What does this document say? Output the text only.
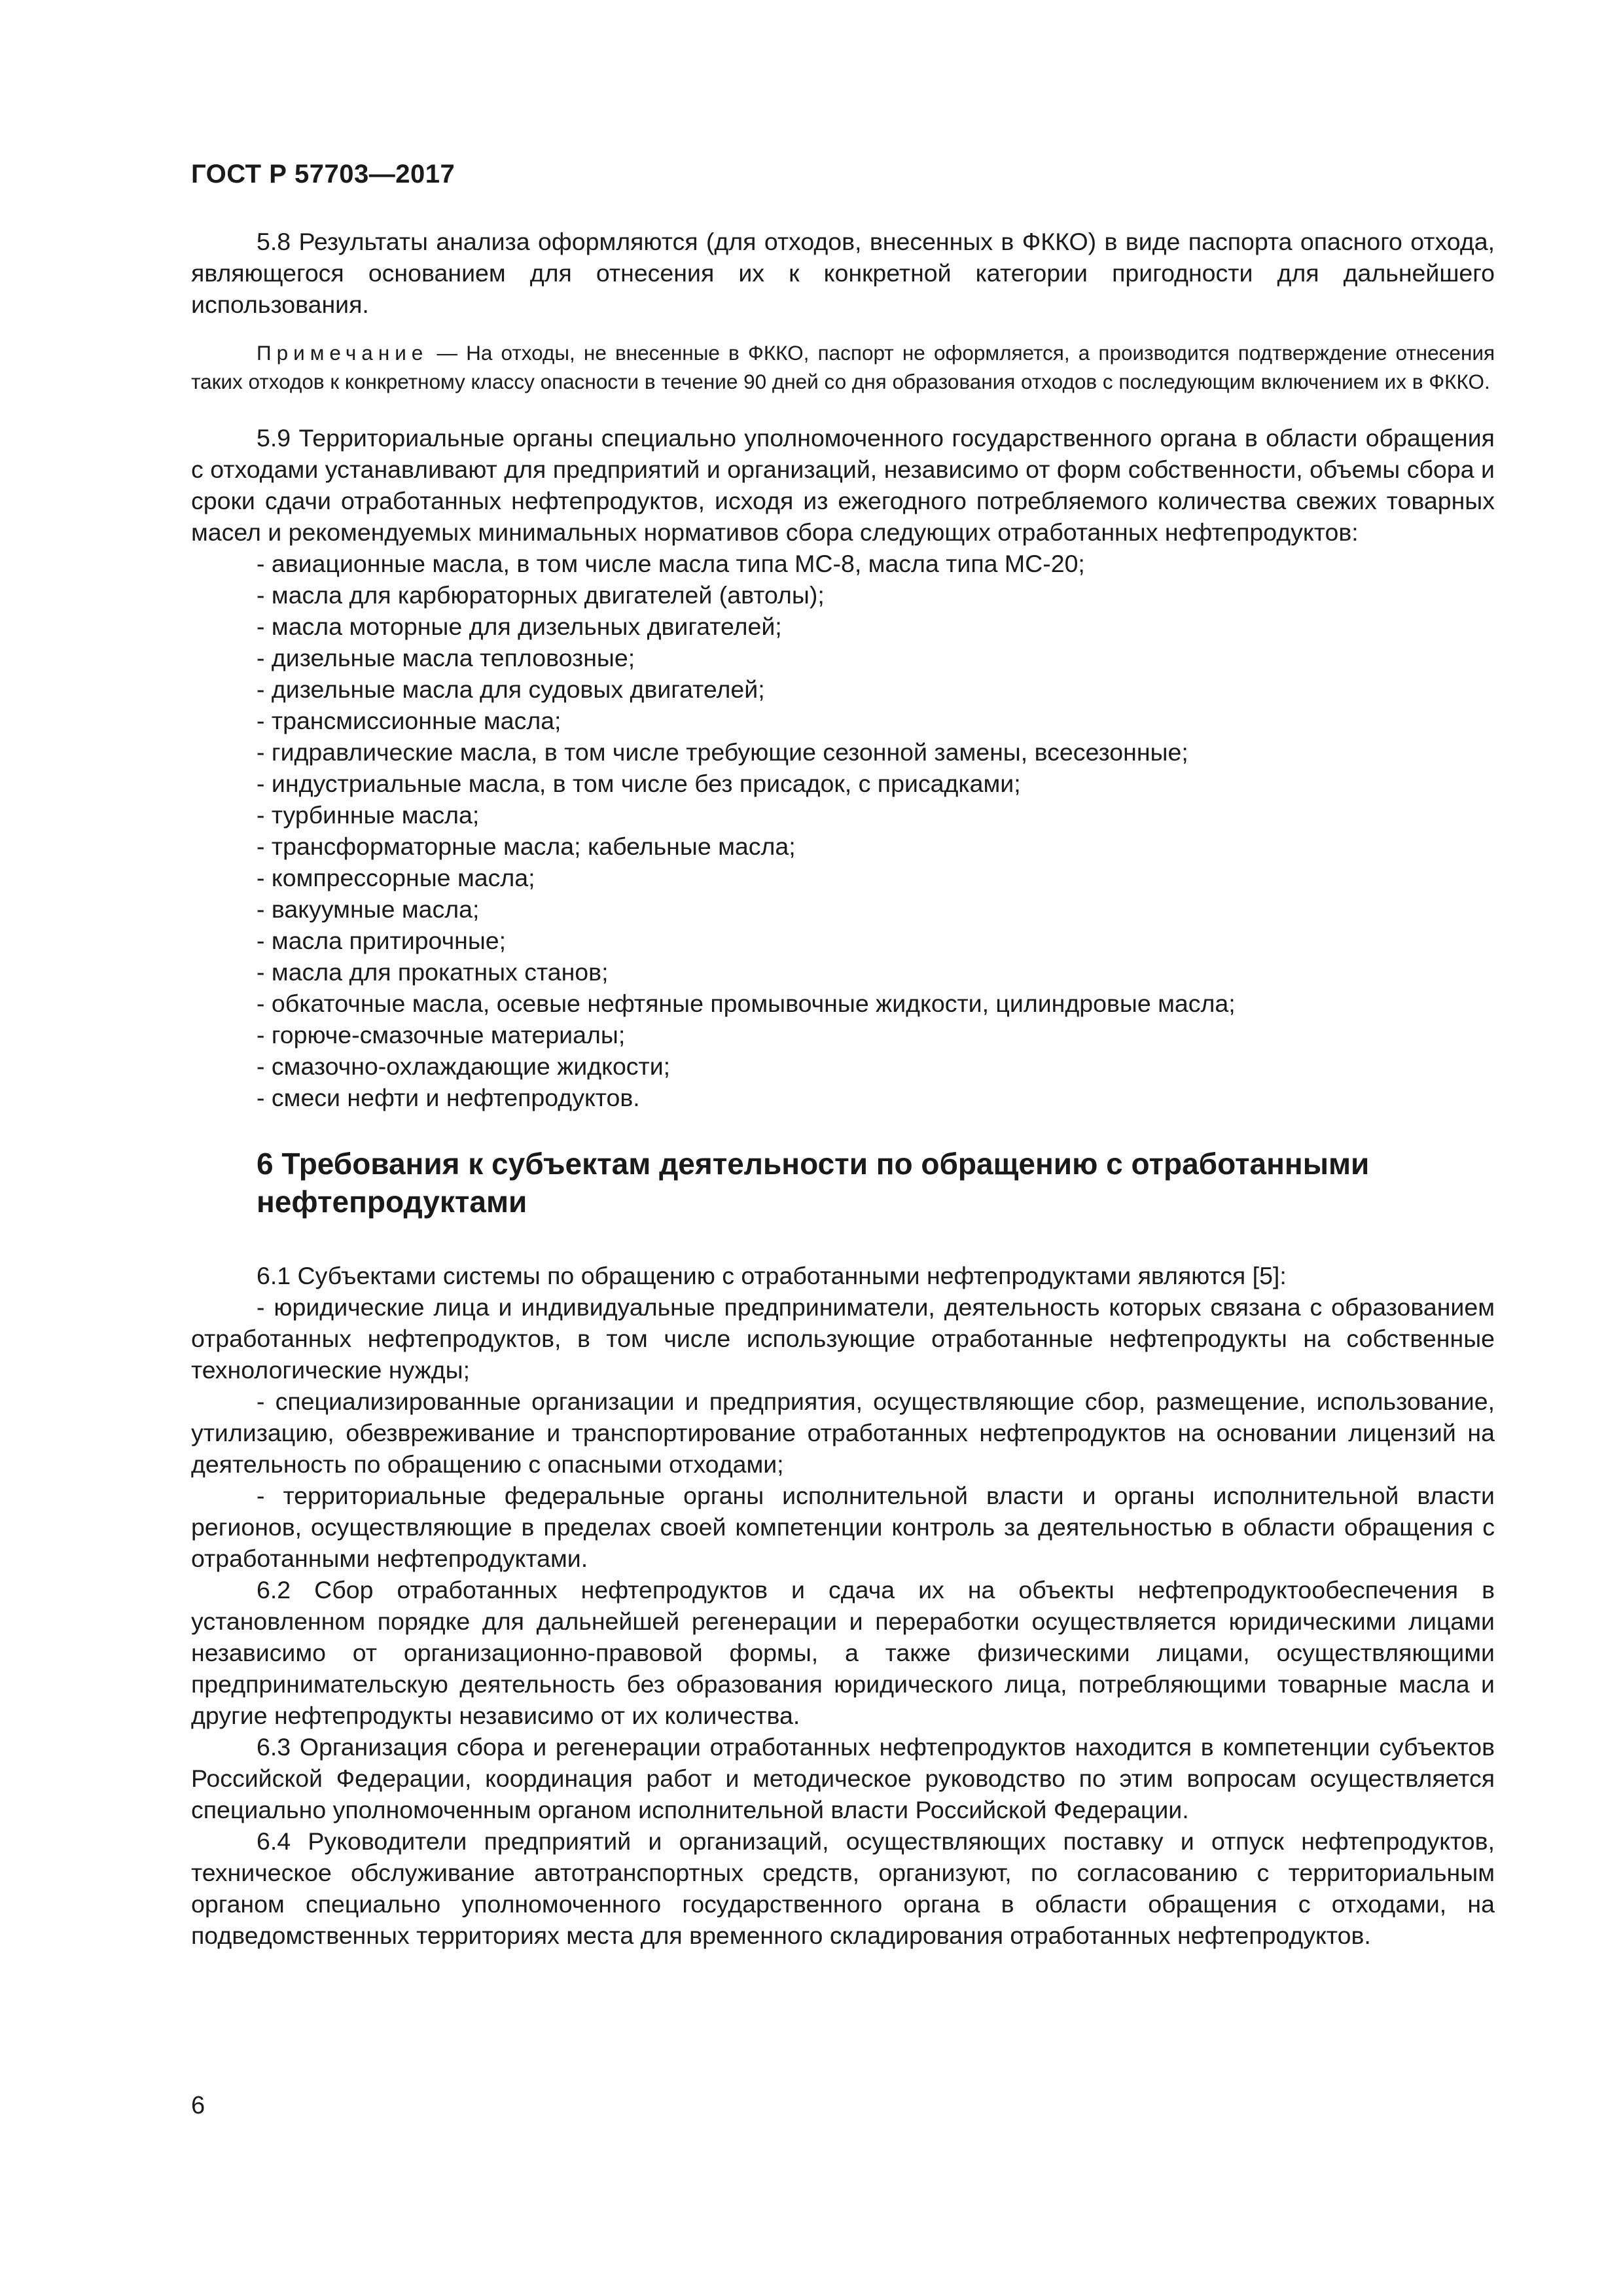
ГОСТ Р 57703—2017

5.8 Результаты анализа оформляются (для отходов, внесенных в ФККО) в виде паспорта опасного отхода, являющегося основанием для отнесения их к конкретной категории пригодности для дальнейшего использования.

Примечание — На отходы, не внесенные в ФККО, паспорт не оформляется, а производится подтверждение отнесения таких отходов к конкретному классу опасности в течение 90 дней со дня образования отходов с последующим включением их в ФККО.

5.9 Территориальные органы специально уполномоченного государственного органа в области обращения с отходами устанавливают для предприятий и организаций, независимо от форм собственности, объемы сбора и сроки сдачи отработанных нефтепродуктов, исходя из ежегодного потребляемого количества свежих товарных масел и рекомендуемых минимальных нормативов сбора следующих отработанных нефтепродуктов:

- авиационные масла, в том числе масла типа МС-8, масла типа МС-20;
- масла для карбюраторных двигателей (автолы);
- масла моторные для дизельных двигателей;
- дизельные масла тепловозные;
- дизельные масла для судовых двигателей;
- трансмиссионные масла;
- гидравлические масла, в том числе требующие сезонной замены, всесезонные;
- индустриальные масла, в том числе без присадок, с присадками;
- турбинные масла;
- трансформаторные масла; кабельные масла;
- компрессорные масла;
- вакуумные масла;
- масла притирочные;
- масла для прокатных станов;
- обкаточные масла, осевые нефтяные промывочные жидкости, цилиндровые масла;
- горюче-смазочные материалы;
- смазочно-охлаждающие жидкости;
- смеси нефти и нефтепродуктов.
6 Требования к субъектам деятельности по обращению с отработанными нефтепродуктами

6.1 Субъектами системы по обращению с отработанными нефтепродуктами являются [5]:

- юридические лица и индивидуальные предприниматели, деятельность которых связана с образованием отработанных нефтепродуктов, в том числе использующие отработанные нефтепродукты на собственные технологические нужды;

- специализированные организации и предприятия, осуществляющие сбор, размещение, использование, утилизацию, обезвреживание и транспортирование отработанных нефтепродуктов на основании лицензий на деятельность по обращению с опасными отходами;

- территориальные федеральные органы исполнительной власти и органы исполнительной власти регионов, осуществляющие в пределах своей компетенции контроль за деятельностью в области обращения с отработанными нефтепродуктами.

6.2 Сбор отработанных нефтепродуктов и сдача их на объекты нефтепродуктообеспечения в установленном порядке для дальнейшей регенерации и переработки осуществляется юридическими лицами независимо от организационно-правовой формы, а также физическими лицами, осуществляющими предпринимательскую деятельность без образования юридического лица, потребляющими товарные масла и другие нефтепродукты независимо от их количества.

6.3 Организация сбора и регенерации отработанных нефтепродуктов находится в компетенции субъектов Российской Федерации, координация работ и методическое руководство по этим вопросам осуществляется специально уполномоченным органом исполнительной власти Российской Федерации.

6.4 Руководители предприятий и организаций, осуществляющих поставку и отпуск нефтепродуктов, техническое обслуживание автотранспортных средств, организуют, по согласованию с территориальным органом специально уполномоченного государственного органа в области обращения с отходами, на подведомственных территориях места для временного складирования отработанных нефтепродуктов.

6
